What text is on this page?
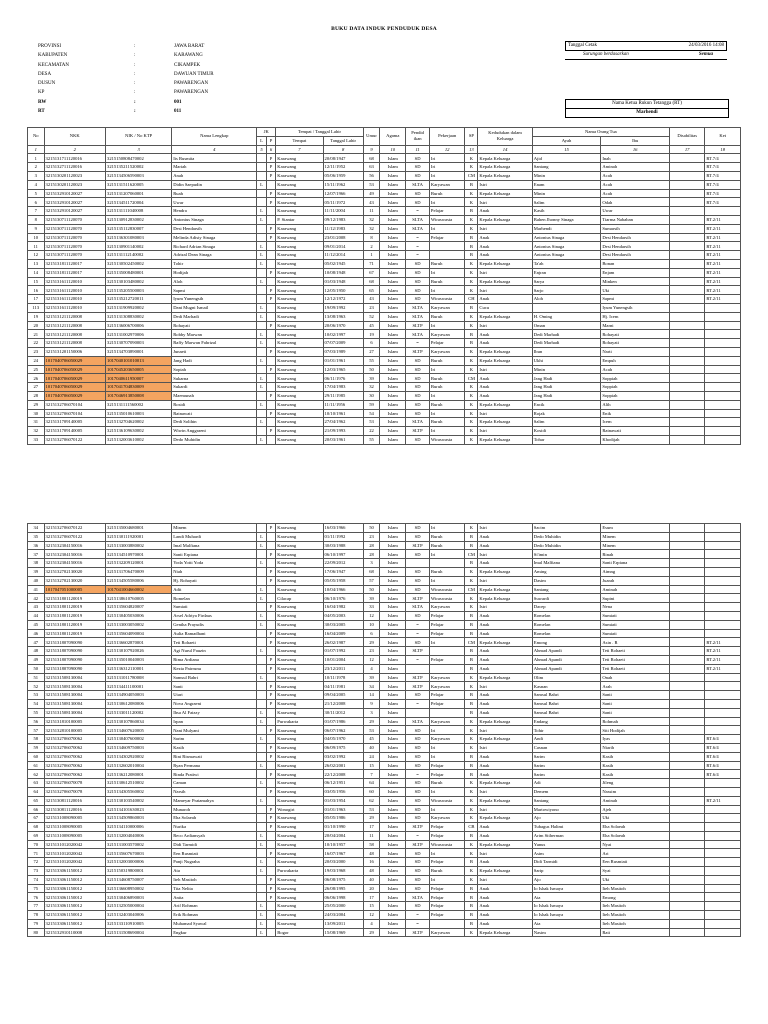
BUKU DATA INDUK PENDUDUK DESA
PROVINSI	:	JAWA BARAT
KABUPATEN	:	KARAWANG
KECAMATAN	:	CIKAMPEK
DESA	:	DAWUAN TIMUR
DUSUN	:	PAWARENGAN
KP	:	PAWARENGAN
RW	:	001
RT	:	011
Tanggal Cetak	24/03/2016 14:08
Surungan berdasarkan	Semua
Nama Ketua Rukun Tetangga (RT)
Marhendi
No	NKK	NIK / No KTP	Nama Lengkap	JK		Tempat / Tanggal Lahir		Umur	Agama	Pendid ikan	Pekerjaan	SP	Kedudukan dalam Keluarga	Nama Orang Tua		Disabilitas	Ket
				L	P	Tempat	Tanggal Lahir							Ayah	Ibu		

1	2	3	4	5	6	7	8	9	10	11	12	13	14	15	16	17	18
1	3215131711120016	3215150808470002	Iis Rusmita		P	Karawang	20/08/1947	68	Islam	SD	Iri	K	Kepala Keluarga	Ajid	Inah		RT.7/4
2	3215132711120016	3215135211520002	Mariah		P	Karawang	12/11/1952	63	Islam	SD	Iri	K	Kepala Keluarga	Santang	Aminah		RT.7/4
3	3215130201120023	3215134506590003	Anah		P	Karawang	05/06/1959	56	Islam	SD	Iri	CM	Kepala Keluarga	Minin	Acah		RT.7/4
4	3215130201120023	3215131511620005	Didin Saepudin	L		Karawang	15/11/1962	53	Islam	SLTA	Karyawan	B	Istri	Enam	Acah		RT.7/4
5	3215132910120027	3215131207060001	Ruah		P	Karawang	12/07/1966	49	Islam	SD	Buruh	K	Kepala Keluarga	Minin	Acah		RT.7/4
6	3215132910120027	3215134511720004	Uwar		P	Karawang	05/11/1972	43	Islam	SD	Iri	K	Istri	Salim	Odah		RT.7/4
7	3215132910120027	3215131111040008	Hendra	L		Karawang	11/11/2004	11	Islam	=	Pelajar	B	Anak	Kasih	Uwar		
8	3215130711120070	3215130912830002	Antonius Sinaga	L		P. Siantar	09/12/1983	32	Islam	SLTA	Wiraswasta	K	Kepala Keluarga	Bahen Jhonny Sinaga	Tiarma Nababan		RT.2/11
9	3215130711120070	3215135112830007	Desi Hendarsih		P	Karawang	11/12/1983	32	Islam	SLTA	Iri	K	Istri	Marhendi	Sumarsih		RT.2/11
10	3215130711120070	3215136301080003	Melinda Adisty Sinaga		P	Karawang	23/01/2008	8	Islam	=	Pelajar	B	Anak	Antonius Sinaga	Desi Hendarsih		RT.2/11
11	3215130711120070	3215130901140002	Richard Adrian Sinaga	L		Karawang	09/01/2014	2	Islam	=		B	Anak	Antonius Sinaga	Desi Hendarsih		RT.2/11
12	3215130711120070	3215131112140002	Adrizal Dean Sinaga	L		Karawang	11/12/2014	1	Islam	=		B	Anak	Antonius Sinaga	Desi Hendarsih		RT.2/11
13	3215131811120017	3215130502450002	Tohir	L		Karawang	05/02/1945	71	Islam	SD	Buruh	K	Kepala Keluarga	Ta'ah	Bonan		RT.2/11
14	3215131811120017	3215135008480001	Hodijah		P	Karawang	10/08/1948	67	Islam	SD	Iri	K	Istri	Enjran	Enjam		RT.2/11
15	3215131611120010	3215130103480002	Aloh	L		Karawang	01/03/1948	68	Islam	SD	Buruh	K	Kepala Keluarga	Sarya	Minken		RT.2/11
16	3215131611120010	3215135205500003	Sapmi		P	Karawang	12/05/1950	65	Islam	SD	Iri	K	Istri	Sarjo	Uki		RT.2/11
17	3215131611120010	3215135212720011	Iyum Yunengsih		P	Karawang	12/12/1972	43	Islam	SD	Wiraswasta	CH	Anak	Aloh	Sapmi		RT.2/11
113	3215131611120010	3215131909920002	Dani Mugni Ismail	L		Karawang	19/09/1992	23	Islam	SLTA	Karyawan	B	Cucu		Iyum Yunengsih		
19	3215131211120008	3215131308830002	Dedi Marhadi	L		Karawang	13/08/1963	52	Islam	SLTA	Buruh	K	Kepala Keluarga	H. Oming	Hj. Icem		
20	3215131211120008	3215136006700006	Rohayati		P	Karawang	20/06/1970	45	Islam	SLTP	Iri	K	Istri	Oman	Marni		
21	3215131211120008	3215131002970006	Robby Marwan	L		Karawang	10/02/1997	19	Islam	SLTA	Karyawan	B	Anak	Dedi Marhadi	Rohayati		
22	3215131211120008	3215130707090003	Raffy Marwan Fahrizal	L		Karawang	07/07/2009	6	Islam	=	Pelajar	B	Anak	Dedi Marhadi	Rohayati		
23	3215131201150006	3215134703890001	Junaeti		P	Karawang	07/03/1989	27	Islam	SLTP	Karyawan	K	Kepala Keluarga	Ibun	Narti		
24	1017040706050029	1017040101010013	Jang Hadi	L		Karawang	01/01/1961	55	Islam	SD	Buruh	K	Kepala Keluarga	Ukhi	Empuh		
25	1017040706050029	1017045203650005	Sopiah		P	Karawang	12/03/1965	50	Islam	SD	Iri	K	Istri	Minin	Acah		
26	1017040706050029	1017040611950007	Sukarna	L		Karawang	06/11/1976	39	Islam	SD	Buruh	CM	Anak	Jang Hadi	Soppiah		
27	1017040706050029	1017041704830009	Sukardi	L		Karawang	17/04/1983	32	Islam	SD	Buruh	K	Anak	Jang Hadi	Soppiah		
28	1017040706050029	1017046913850008	Maemunah		P	Karawang	29/11/1985	30	Islam	SD	Iri	K	Anak	Jang Hadi	Soppiah		
29	3215132706070104	3215131111560002	Rosidi	L		Karawang	11/11/1956	59	Islam	SD	Buruh	K	Kepala Keluarga	Encik	Alih		
30	3215132706070104	3215135010610003	Ratnawati		P	Karawang	10/10/1961	54	Islam	SD	Iri	K	Istri	Rojak	Enik		
31	3215131709140005	3215132704620002	Dedi Solihin	L		Karawang	27/04/1962	53	Islam	SLTA	Buruh	K	Kepala Keluarga	Salim	Icem		
32	3215131709140005	3215136109630002	Wiwin Anggraeni		P	Karawang	21/09/1993	22	Islam	SLTP	Iri	K	Istri	Kosidi	Ratnawati		
33	3215132706070122	3215132003610002	Dedo Muhidin	L		Karawang	20/03/1961	55	Islam	SD	Wiraswasta	K	Kepala Keluarga	Tohar	Khodijah		
34	3215132706070122	3215135004680001	Minem		P	Karawang	16/03/1966	50	Islam	SD	Iri	K	Istri	Sacim	Esum		
35	3215132706070122	3215130111920001	Landi Muhardi	L		Karawang	01/11/1992	23	Islam	SD	Buruh	B	Anak	Dedo Muhidin	Minem		
36	3215132304150016	3215133003880002	Imal Malfiana	L		Karawang	30/03/1988	28	Islam	SLTP	Buruh	B	Anak	Dedo Muhidin	Minem		
37	3215132304150016	3215134510970001	Santi Erpiana		P	Karawang	06/10/1997	28	Islam	SD	Iri	CM	Istri	Si'imin	Rinah		
38	3215132304150016	3215132209120001	Yoda Yotti Yoda	L		Karawang	22/09/2012	3	Islam			B	Anak	Imal Malfiana	Santi Erpiana		
39	3215132702130020	3215131706470009	Niah		P	Karawang	17/06/1947	68	Islam	SD	Buruh	K	Kepala Keluarga	Aming	Aimng		
40	3215132702130020	3215134505580006	Hj. Rohayati		P	Karawang	05/05/1958	57	Islam	SD	Iri	K	Istri	Dasim	Juarah		
41	1017047051000005	1017041004660002	Adit	L		Karawang	10/04/1966	50	Islam	SD	Wiraswasta	CM	Kepala Keluarga	Santang	Aminah		
42	3215131801120019	3215138610760005	Romelan	L		Cilacap	06/10/1976	39	Islam	SLTP	Wiraswasta	K	Kepala Keluarga	Suwardi	Supini		
43	3215131801120019	3215135604820007	Sumiati		P	Karawang	16/04/1982	33	Islam	SLTA	Karyawan	K	Istri	Dacep	Nena		
44	3215131801120019	3215130405030006	Arsel Adriya Firdaus	L		Karawang	04/05/2003	12	Islam	SD	Pelajar	B	Anak	Romelan	Sumiati		
45	3215131801120019	3215133003050002	Gentha Prayudis	L		Karawang	30/03/2005	10	Islam	=	Pelajar	B	Anak	Romelan	Sumiati		
46	3215131801120019	3215135604090004	Aulia Ramadhani		P	Karawang	16/04/2009	6	Islam	=	Pelajar	B	Anak	Romelan	Sumiati		
47	3215131807090090	3215136602870001	Teti Rohaeti		P	Karawang	26/02/1987	29	Islam	SD	Iri	CM	Kepala Keluarga	Emong	Asin . R		RT.2/11
48	3215131807090090	3215130107920026	Agi Nurul Fauzin	L		Karawang	01/07/1992	23	Islam	SLTP		B	Anak	Ahmad Apandi	Teti Rohaeti		RT.2/11
49	3215131807090090	3215135010040003	Rima Ardiana		P	Karawang	10/01/2004	12	Islam	=	Pelajar	B	Anak	Ahmad Apandi	Teti Rohaeti		RT.2/11
50	3215131807090090	3215136312110001	Kezia Pairrunu		P	Karawang	23/12/2011	4	Islam			B	Anak	Ahmad Apandi	Teti Rohaeti		RT.2/11
51	3215131508130004	3215131011780008	Samsul Bahri	L		Karawang	10/11/1978	39	Islam	SLTP	Karyawan	K	Kepala Keluarga	Olim	Onah		
52	3215131508130004	3215134411100001	Santi		P	Karawang	04/11/1981	34	Islam	SLTP	Karyawan	K	Istri	Kasnan	Arah		
53	3215131508130004	3215134904050003	Utari		P	Karawang	09/04/2005	14	Islam	SD	Pelajar	B	Anak	Samsul Bahri	Santi		
54	3215131508130004	3215130612080006	Nova Angraeni		P	Karawang	21/12/2008	9	Islam	=	Pelajar	B	Anak	Samsul Bahri	Santi		
55	3215131508130004	3215133011120002	Ihsa Al Faizzy	L		Karawang	30/11/2012	3	Islam			B	Anak	Samsul Bahri	Santi		
56	3215131810100005	3215130107860034	Irpan	L		Purwakarta	01/07/1986	29	Islam	SLTA	Karyawan	K	Kepala Keluarga	Endang	Rohmah		
57	3215132810100005	3215134607620005	Nani Mulyani		P	Karawang	06/07/1962	53	Islam	SD	Iri	K	Istri	Tohir	Siti Hodijah		
58	3215132706070062	3215130407600002	Sarim	L		Karawang	04/05/1970	45	Islam	SD	Karyawan	K	Kepala Keluarga	Andi	Iyas		RT.6/4
59	3215132706070062	3215134609750003	Kasih		P	Karawang	06/09/1975	40	Islam	SD	Iri	K	Istri	Casnan	Niarih		RT.6/4
60	3215132706070062	3215134302920002	Rini Rismawati		P	Karawang	03/02/1992	24	Islam	SD	Iri	B	Anak	Sarim	Kasih		RT.6/4
61	3215132706070062	3215132602010004	Ryan Permana	L		Karawang	26/02/2001	15	Islam	SD	Pelajar	B	Anak	Sarim	Kasih		RT.6/4
62	3215132706070062	3215136212080001	Rinda Pratiwi		P	Karawang	22/12/2008	7	Islam	=	Pelajar	B	Anak	Sarim	Kasih		RT.6/4
63	3215132706070078	3215130612510002	Caman	L		Karawang	06/12/1951	64	Islam	SD	Buruh	K	Kepala Keluarga	Adi	Jileng		
64	3215132706070078	3215134305560002	Narsih		P	Karawang	03/05/1956	60	Islam	SD	Iri	K	Istri	Demem	Nassim		
65	3215130811120016	3215130103540002	Mameyar Pratamahya	L		Karawang	01/03/1954	62	Islam	SD	Wiraswasta	K	Kepala Keluarga	Santang	Aminah		RT.2/11
66	3215130811120016	3215134101630023	Munaroh		P	Wonogiri	01/01/1963	53	Islam	SD	Iri	K	Istri	Martowiyono	Ajeh		
67	3215131008090005	3215134509860003	Eha Solaeah		P	Karawang	05/05/1986	29	Islam	SD	Karyawan	K	Kepala Keluarga	Ajo	Uki		
68	3215131008090005	3215134110000006	Nurika		P	Karawang	01/10/1990	17	Islam	SLTP	Pelajar	CB	Anak	Tubagus Halimi	Eha Solaeah		
69	3215131008090005	3215132004040006	Reco Ardiansyah	L		Karawang	20/04/2004	11	Islam	=	Pelajar	B	Anak	Arim Sitherman	Eha Solaeah		
70	3215131012020042	3215131003570002	Didi Tarmidi	L		Karawang	10/10/1957	58	Islam	SLTP	Wiraswasta	K	Kepala Keluarga	Yunus	Nyai		
71	3215131012020042	3215135607670003	Een Rusmiati		P	Karawang	16/07/1967	48	Islam	SD	Iri	K	Istri	Asim	Ari		
72	3215131012020042	3215132003000006	Panji Nugraha	L		Karawang	20/03/2000	16	Islam	SD	Pelajar	B	Anak	Didi Tarmidi	Een Rusmiati		
73	3215133061150012	3215150319800001	Ata	L		Purwakarta	19/03/1968	48	Islam	SD	Buruh	K	Kepala Keluarga	Sarip	Syai		
74	3215133061150012	3215134608750007	Iteh Masitoh		P	Karawang	06/08/1975	40	Islam	SD	Iri	K	Istri	Ajo	Uki		
75	3215133061150012	3215136608950002	Tita Nelita		P	Karawang	26/08/1995	20	Islam	SD	Pelajar	B	Anak	Io Ishak Ismaya	Iteh Masitoh		
76	3215133061150012	3215130406890003	Anita		P	Karawang	06/06/1998	17	Islam	SLTA	Pelajar	B	Anak	Ata	Emong		
77	3215133061150012	3215132505000004	Arif Rohman	L		Karawang	25/05/2000	15	Islam	SD	Pelajar	B	Anak	Io Ishak Ismaya	Iteh Masitoh		
78	3215133061150012	3215132403040006	Erik Rohman	L		Karawang	24/03/2004	12	Islam	=	Pelajar	B	Anak	Io Ishak Ismaya	Iteh Masitoh		
79	3215133061150012	3215133110910005	Muhamad Syawal	L		Karawang	13/09/2011	4	Islam	=		B	Anak	Ata	Iteh Masitoh		
80	3215132910110008	3215131508690004	Engkur	L		Bogor	15/08/1969	29	Islam	SLTP	Karyawan	K	Kepala Keluarga	Nasim	Rati		
